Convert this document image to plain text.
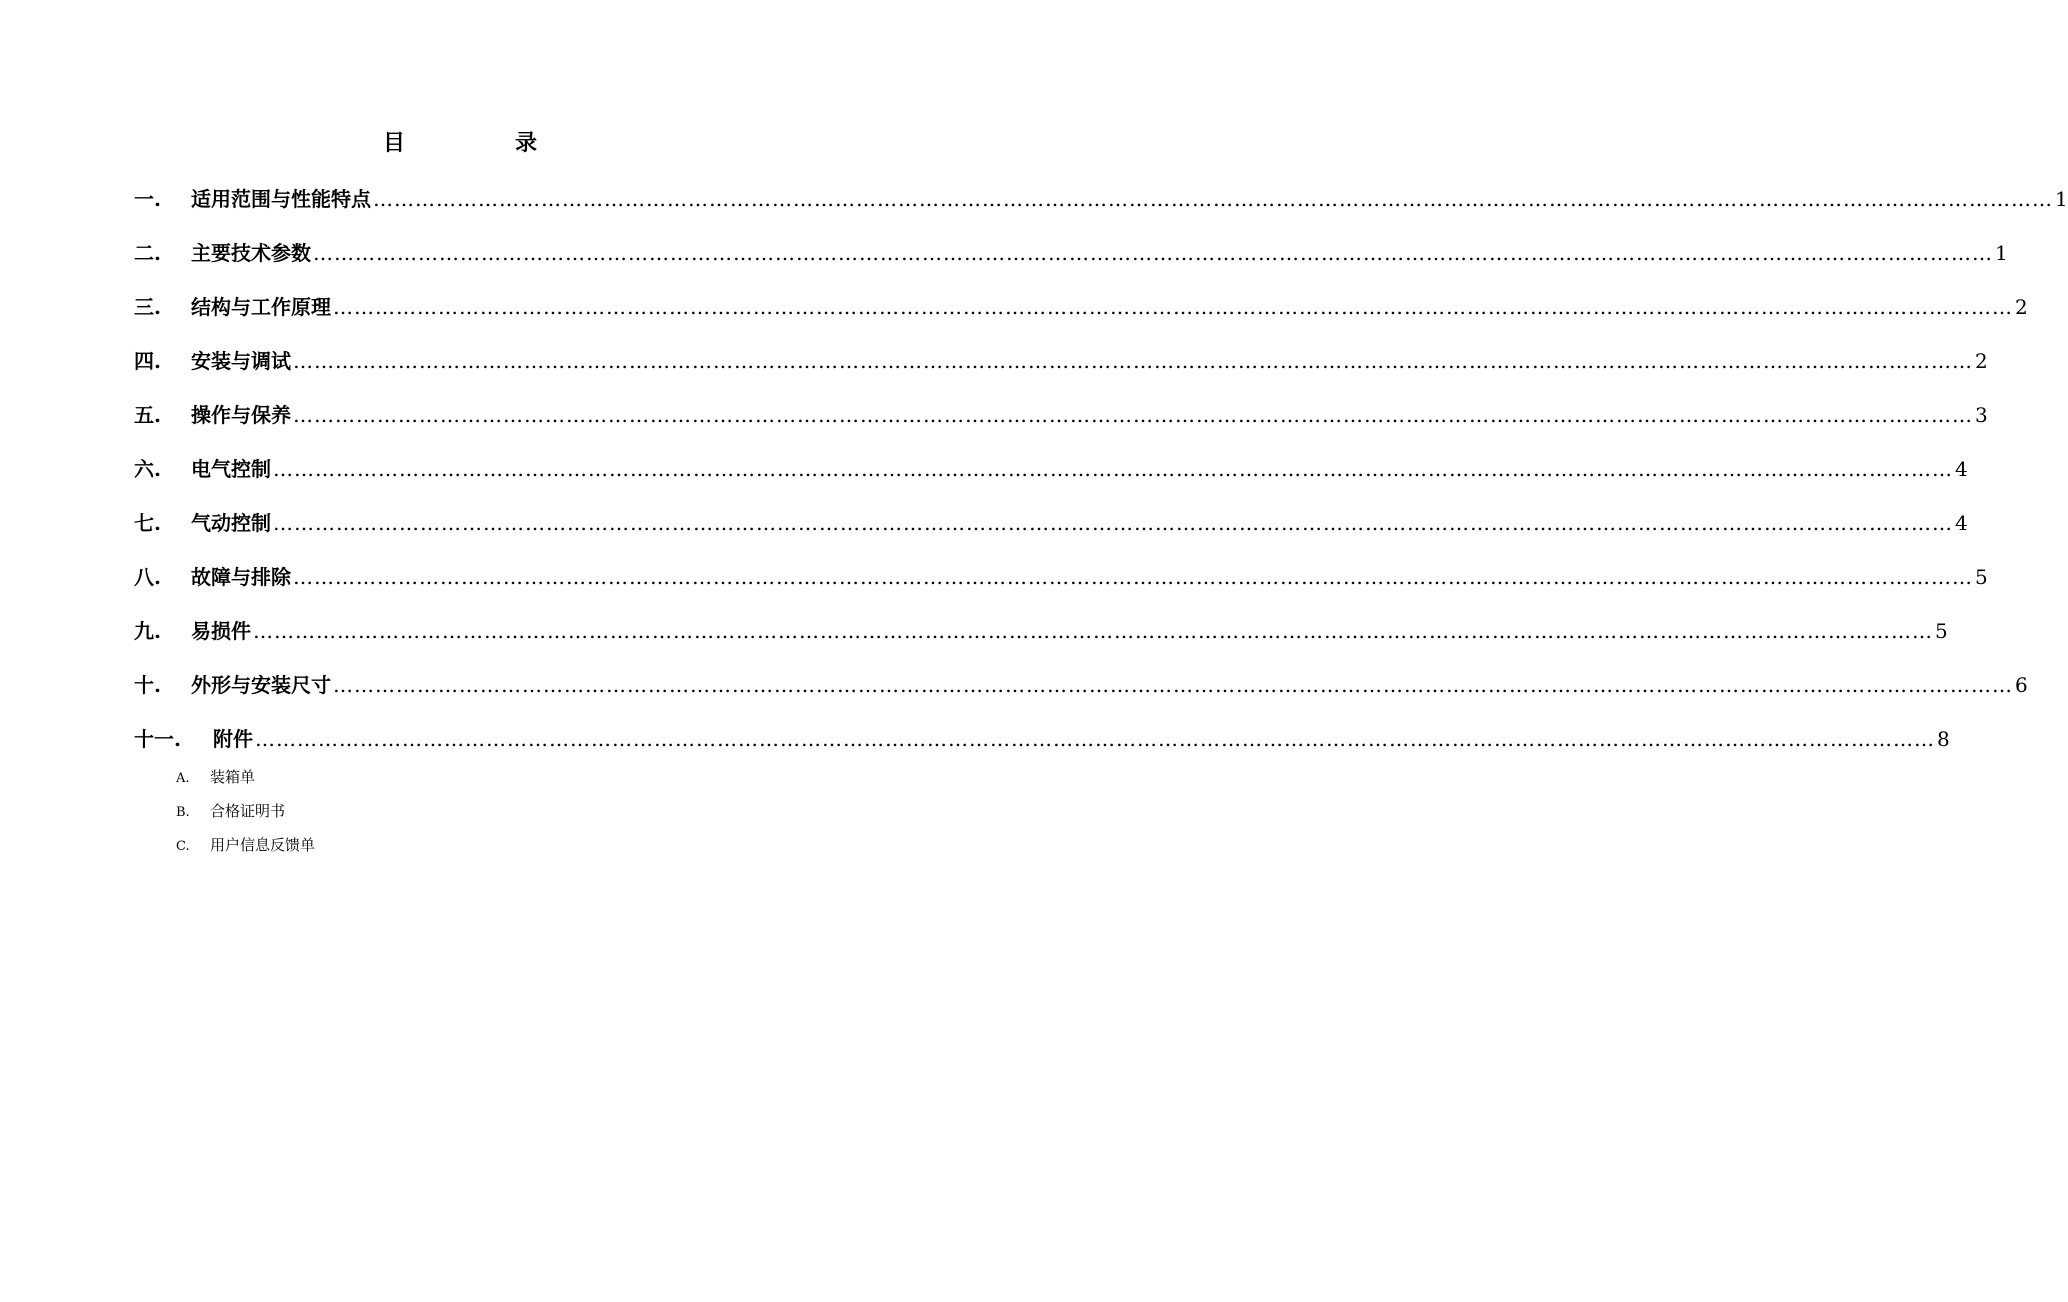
目　录
一.	适用范围与性能特点 …………………………………………………………………………………………………………………………………………………………………………………………………………………… 1
二.	主要技术参数 …………………………………………………………………………………………………………………………………………………………………………………………………………………… 1
三.	结构与工作原理 …………………………………………………………………………………………………………………………………………………………………………………………………………………… 2
四.	安装与调试 …………………………………………………………………………………………………………………………………………………………………………………………………………………… 2
五.	操作与保养 …………………………………………………………………………………………………………………………………………………………………………………………………………………… 3
六.	电气控制 …………………………………………………………………………………………………………………………………………………………………………………………………………………… 4
七.	气动控制 …………………………………………………………………………………………………………………………………………………………………………………………………………………… 4
八.	故障与排除 …………………………………………………………………………………………………………………………………………………………………………………………………………………… 5
九.	易损件 …………………………………………………………………………………………………………………………………………………………………………………………………………………… 5
十.	外形与安装尺寸 …………………………………………………………………………………………………………………………………………………………………………………………………………………… 6
十一.	附件 …………………………………………………………………………………………………………………………………………………………………………………………………………………… 8
A.	装箱单
B.	合格证明书
C.	用户信息反馈单
